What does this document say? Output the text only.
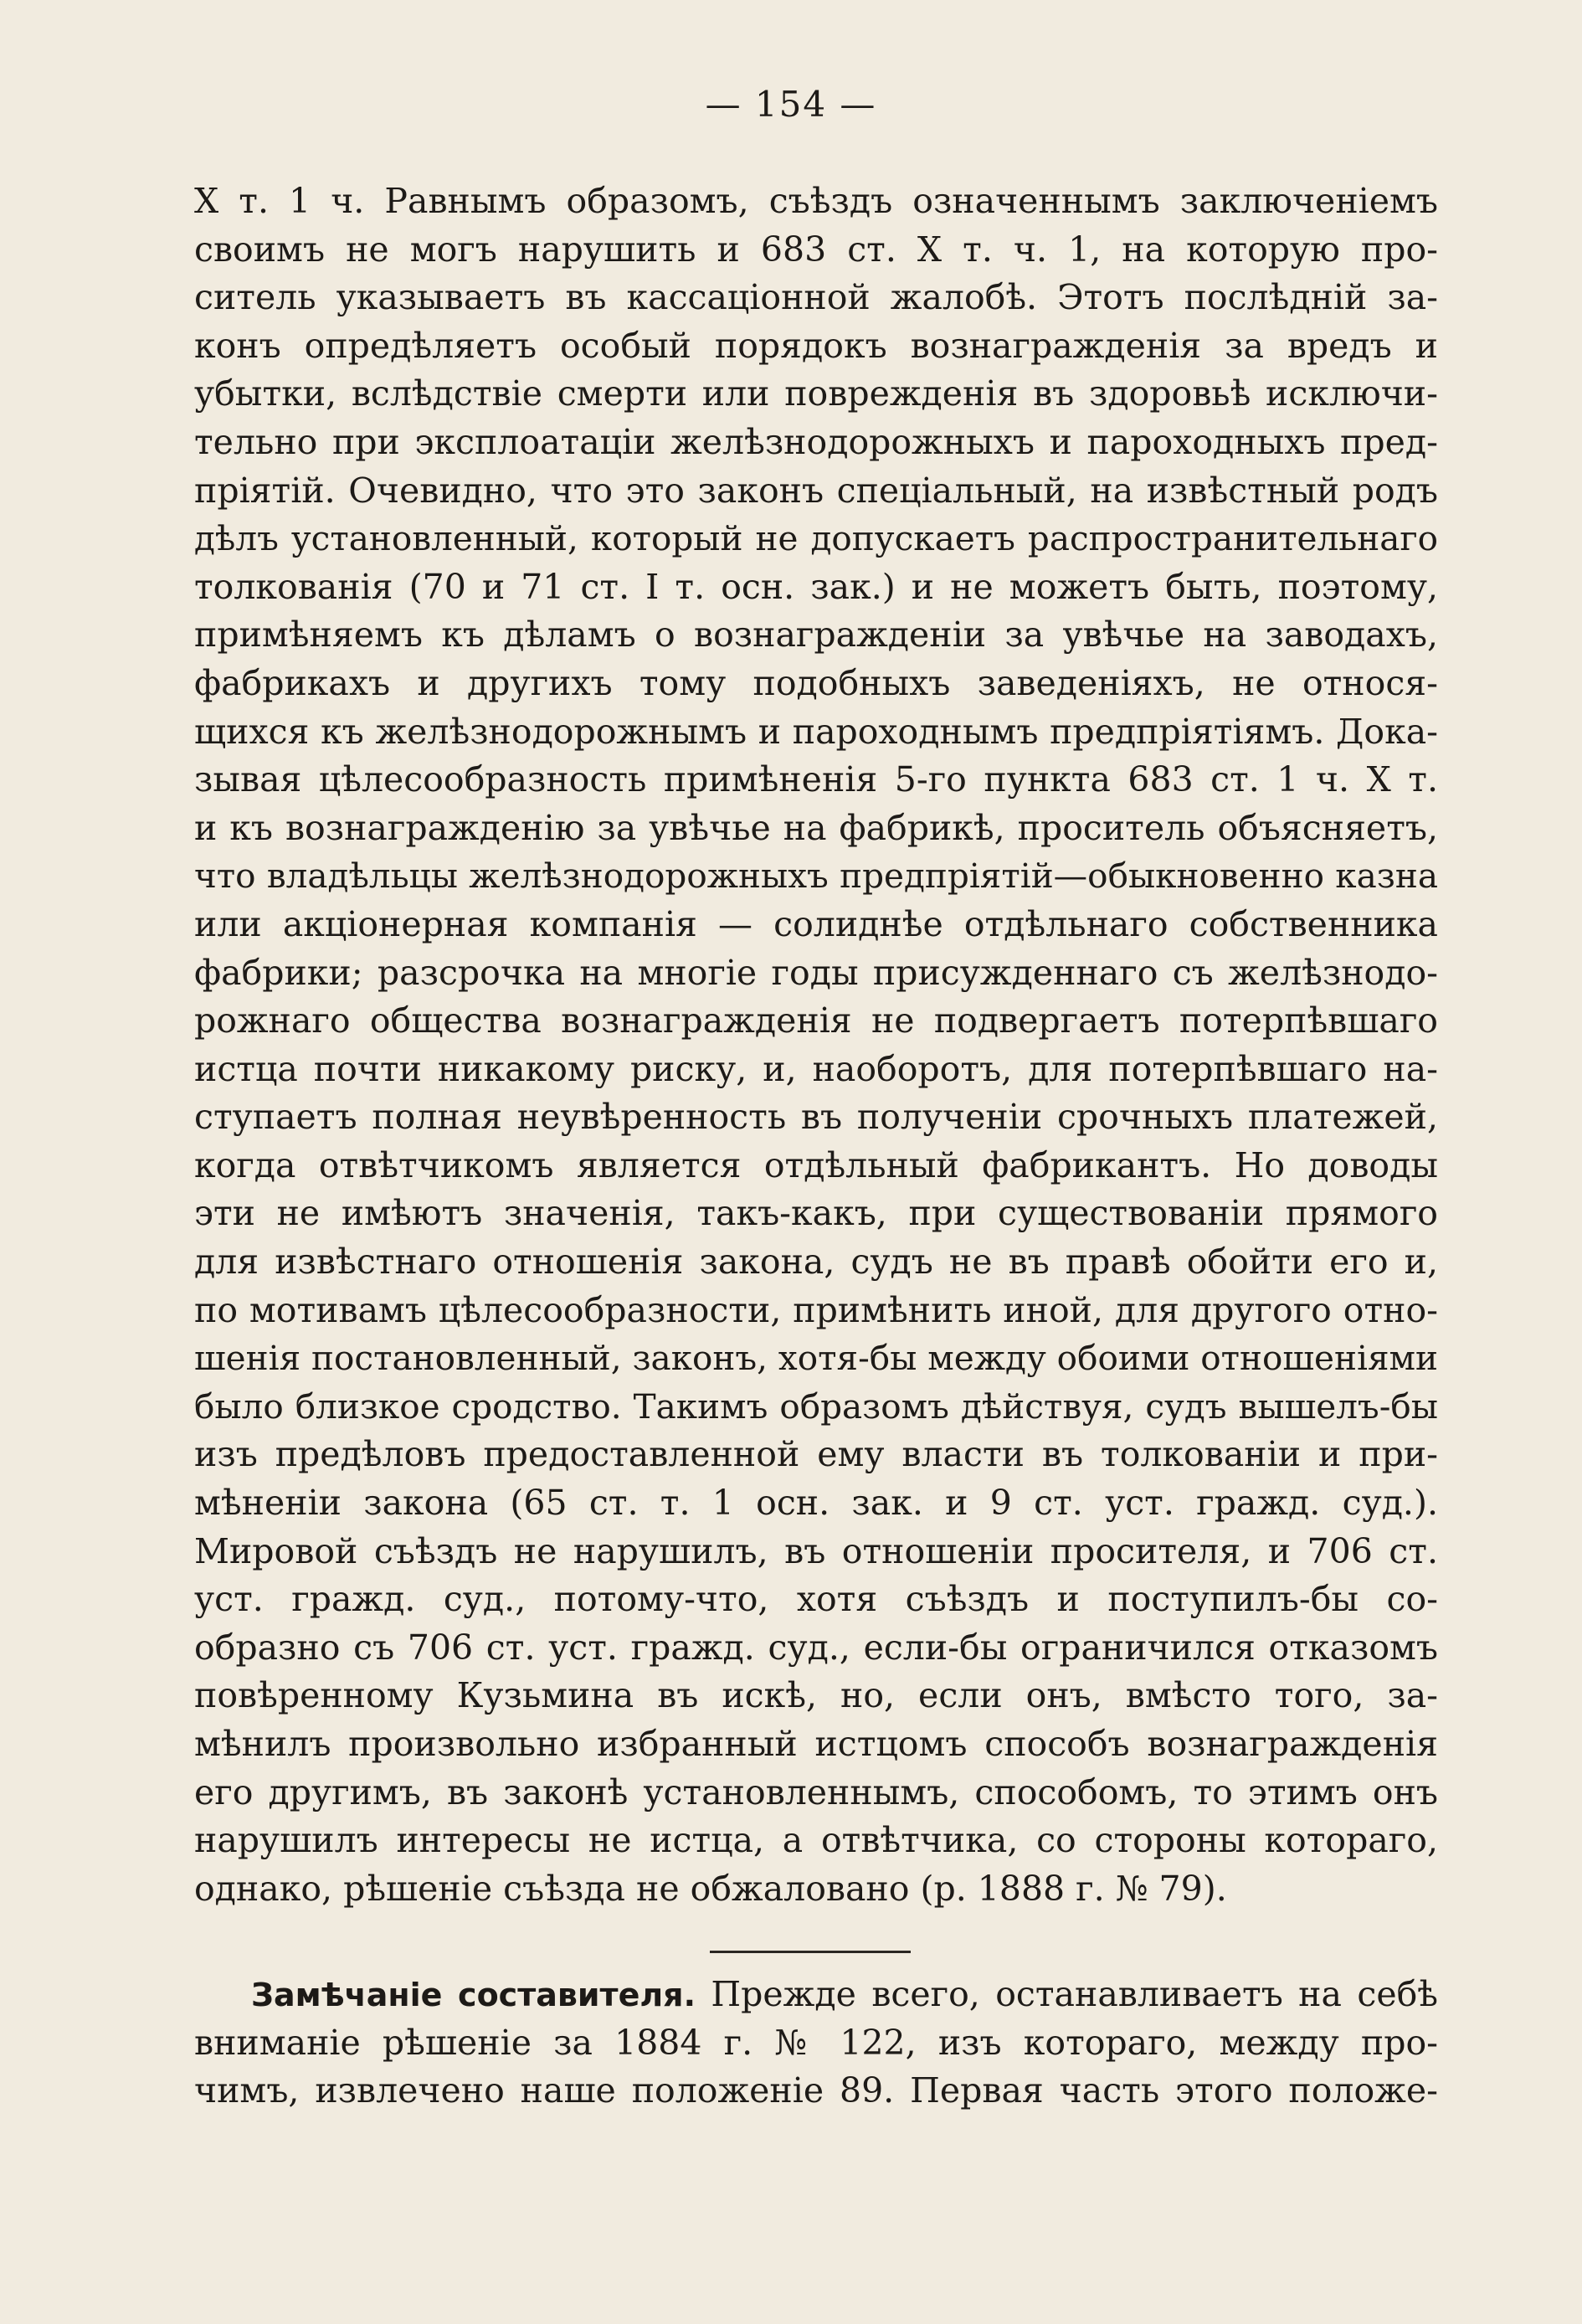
— 154 —
X т. 1 ч. Равнымъ образомъ, съѣздъ означеннымъ заключеніемъ
своимъ не могъ нарушить и 683 ст. X т. ч. 1, на которую про-
ситель указываетъ въ кассаціонной жалобѣ. Этотъ послѣдній за-
конъ опредѣляетъ особый порядокъ вознагражденія за вредъ и
убытки, вслѣдствіе смерти или поврежденія въ здоровьѣ исключи-
тельно при эксплоатаціи желѣзнодорожныхъ и пароходныхъ пред-
пріятій. Очевидно, что это законъ спеціальный, на извѣстный родъ
дѣлъ установленный, который не допускаетъ распространительнаго
толкованія (70 и 71 ст. I т. осн. зак.) и не можетъ быть, поэтому,
примѣняемъ къ дѣламъ о вознагражденіи за увѣчье на заводахъ,
фабрикахъ и другихъ тому подобныхъ заведеніяхъ, не относя-
щихся къ желѣзнодорожнымъ и пароходнымъ предпріятіямъ. Дока-
зывая цѣлесообразность примѣненія 5-го пункта 683 ст. 1 ч. X т.
и къ вознагражденію за увѣчье на фабрикѣ, проситель объясняетъ,
что владѣльцы желѣзнодорожныхъ предпріятій—обыкновенно казна
или акціонерная компанія — солиднѣе отдѣльнаго собственника
фабрики; разсрочка на многіе годы присужденнаго съ желѣзнодо-
рожнаго общества вознагражденія не подвергаетъ потерпѣвшаго
истца почти никакому риску, и, наоборотъ, для потерпѣвшаго на-
ступаетъ полная неувѣренность въ полученіи срочныхъ платежей,
когда отвѣтчикомъ является отдѣльный фабрикантъ. Но доводы
эти не имѣютъ значенія, такъ-какъ, при существованіи прямого
для извѣстнаго отношенія закона, судъ не въ правѣ обойти его и,
по мотивамъ цѣлесообразности, примѣнить иной, для другого отно-
шенія постановленный, законъ, хотя-бы между обоими отношеніями
было близкое сродство. Такимъ образомъ дѣйствуя, судъ вышелъ-бы
изъ предѣловъ предоставленной ему власти въ толкованіи и при-
мѣненіи закона (65 ст. т. 1 осн. зак. и 9 ст. уст. гражд. суд.).
Мировой съѣздъ не нарушилъ, въ отношеніи просителя, и 706 ст.
уст. гражд. суд., потому-что, хотя съѣздъ и поступилъ-бы со-
образно съ 706 ст. уст. гражд. суд., если-бы ограничился отказомъ
повѣренному Кузьмина въ искѣ, но, если онъ, вмѣсто того, за-
мѣнилъ произвольно избранный истцомъ способъ вознагражденія
его другимъ, въ законѣ установленнымъ, способомъ, то этимъ онъ
нарушилъ интересы не истца, а отвѣтчика, со стороны котораго,
однако, рѣшеніе съѣзда не обжаловано (р. 1888 г. № 79).
Замѣчаніе составителя. Прежде всего, останавливаетъ на себѣ
вниманіе рѣшеніе за 1884 г. № 122, изъ котораго, между про-
чимъ, извлечено наше положеніе 89. Первая часть этого положе-
